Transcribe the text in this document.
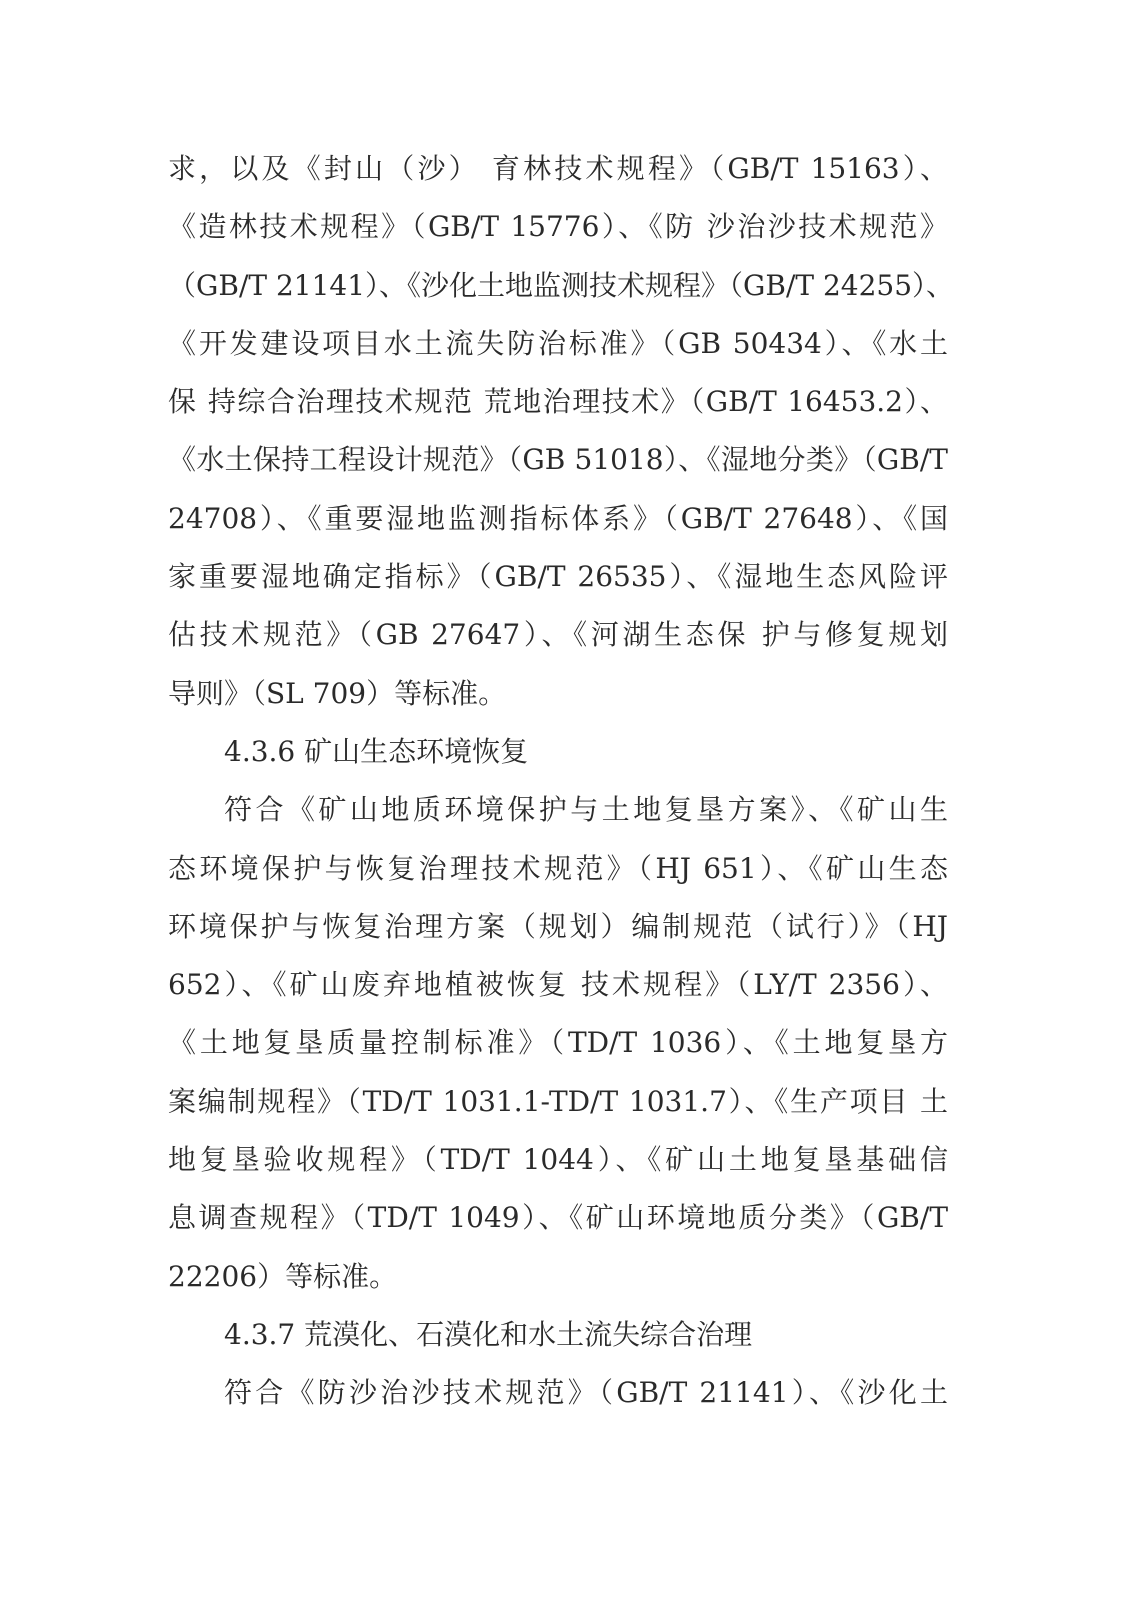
求，以及《封山（沙） 育林技术规程》（GB/T 15163）、
《造林技术规程》（GB/T 15776）、《防 沙治沙技术规范》
（GB/T 21141）、《沙化土地监测技术规程》（GB/T 24255）、
《开发建设项目水土流失防治标准》（GB 50434）、《水土
保 持综合治理技术规范 荒地治理技术》（GB/T 16453.2）、
《水土保持工程设计规范》（GB 51018）、《湿地分类》（GB/T
24708）、《重要湿地监测指标体系》（GB/T 27648）、《国
家重要湿地确定指标》（GB/T 26535）、《湿地生态风险评
估技术规范》（GB 27647）、《河湖生态保 护与修复规划
导则》（SL 709）等标准。
4.3.6 矿山生态环境恢复
符合《矿山地质环境保护与土地复垦方案》、《矿山生
态环境保护与恢复治理技术规范》（HJ 651）、《矿山生态
环境保护与恢复治理方案（规划）编制规范（试行）》（HJ
652）、《矿山废弃地植被恢复 技术规程》（LY/T 2356）、
《土地复垦质量控制标准》（TD/T 1036）、《土地复垦方
案编制规程》（TD/T 1031.1-TD/T 1031.7）、《生产项目 土
地复垦验收规程》（TD/T 1044）、《矿山土地复垦基础信
息调查规程》（TD/T 1049）、《矿山环境地质分类》（GB/T
22206）等标准。
4.3.7 荒漠化、石漠化和水土流失综合治理
符合《防沙治沙技术规范》（GB/T 21141）、《沙化土
